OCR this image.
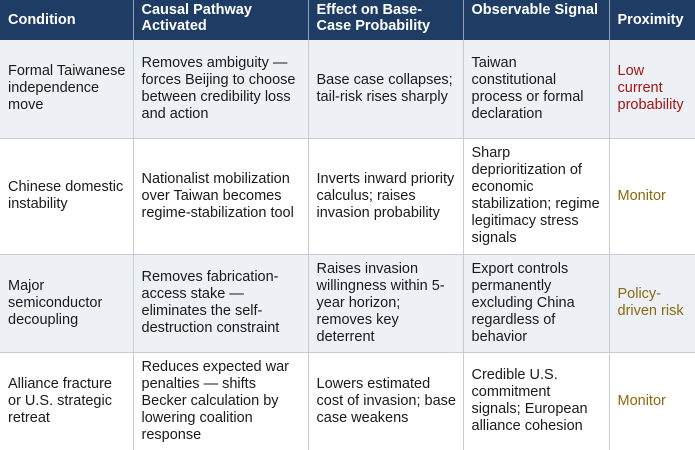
Condition	Causal Pathway Activated	Effect on Base-Case Probability	Observable Signal	Proximity
Formal Taiwanese independence move	Removes ambiguity — forces Beijing to choose between credibility loss and action	Base case collapses; tail-risk rises sharply	Taiwan constitutional process or formal declaration	Low current probability
Chinese domestic instability	Nationalist mobilization over Taiwan becomes regime-stabilization tool	Inverts inward priority calculus; raises invasion probability	Sharp deprioritization of economic stabilization; regime legitimacy stress signals	Monitor
Major semiconductor decoupling	Removes fabrication-access stake — eliminates the self-destruction constraint	Raises invasion willingness within 5-year horizon; removes key deterrent	Export controls permanently excluding China regardless of behavior	Policy-driven risk
Alliance fracture or U.S. strategic retreat	Reduces expected war penalties — shifts Becker calculation by lowering coalition response	Lowers estimated cost of invasion; base case weakens	Credible U.S. commitment signals; European alliance cohesion	Monitor
